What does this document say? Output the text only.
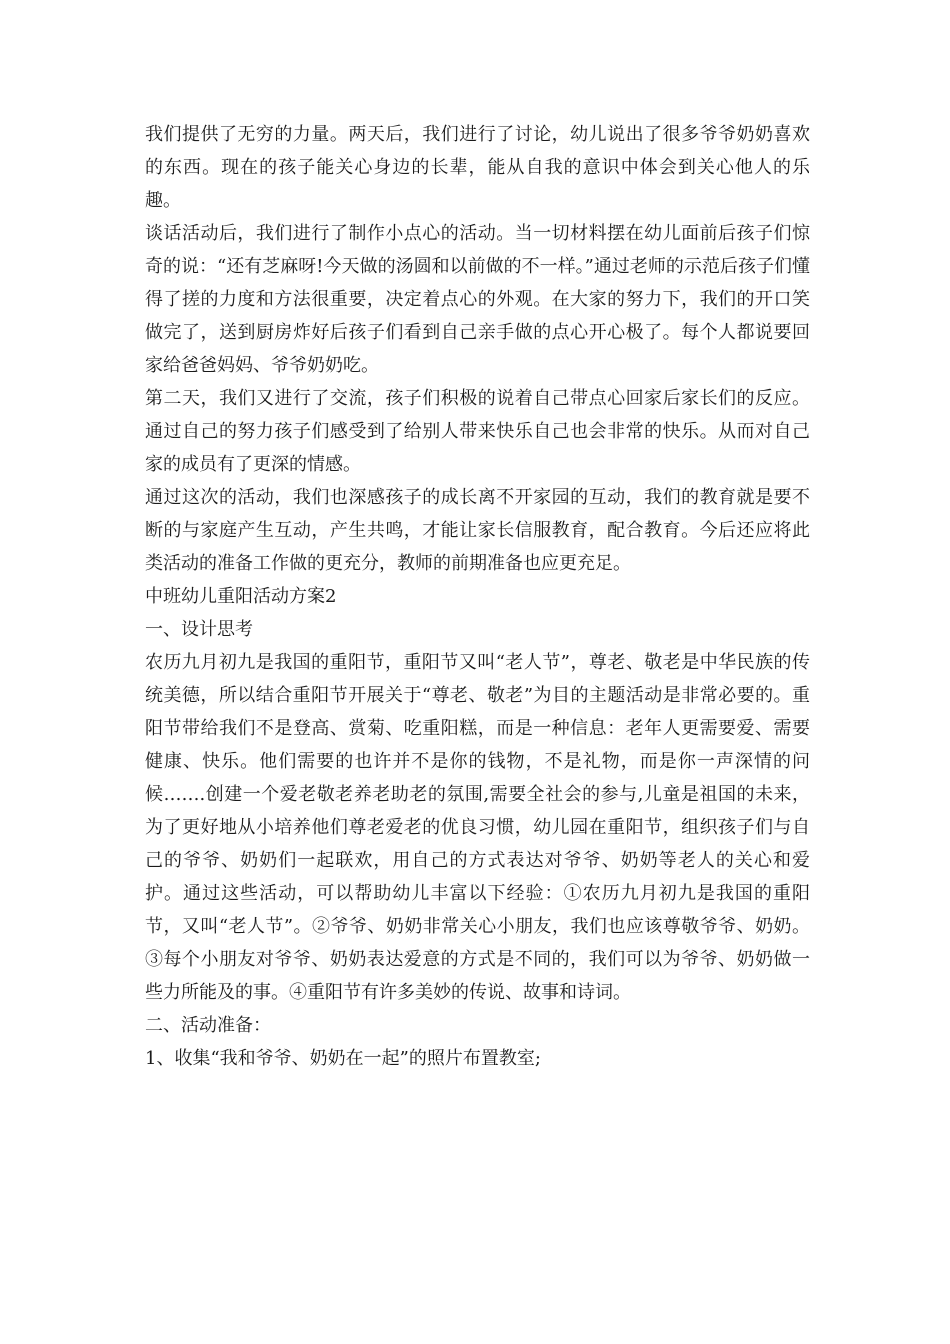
我们提供了无穷的力量。两天后，我们进行了讨论，幼儿说出了很多爷爷奶奶喜欢的东西。现在的孩子能关心身边的长辈，能从自我的意识中体会到关心他人的乐趣。

谈话活动后，我们进行了制作小点心的活动。当一切材料摆在幼儿面前后孩子们惊奇的说：“还有芝麻呀!今天做的汤圆和以前做的不一样。”通过老师的示范后孩子们懂得了搓的力度和方法很重要，决定着点心的外观。在大家的努力下，我们的开口笑做完了，送到厨房炸好后孩子们看到自己亲手做的点心开心极了。每个人都说要回家给爸爸妈妈、爷爷奶奶吃。

第二天，我们又进行了交流，孩子们积极的说着自己带点心回家后家长们的反应。通过自己的努力孩子们感受到了给别人带来快乐自己也会非常的快乐。从而对自己家的成员有了更深的情感。

通过这次的活动，我们也深感孩子的成长离不开家园的互动，我们的教育就是要不断的与家庭产生互动，产生共鸣，才能让家长信服教育，配合教育。今后还应将此类活动的准备工作做的更充分，教师的前期准备也应更充足。

中班幼儿重阳活动方案2

一、设计思考

农历九月初九是我国的重阳节，重阳节又叫“老人节”，尊老、敬老是中华民族的传统美德，所以结合重阳节开展关于“尊老、敬老”为目的主题活动是非常必要的。重阳节带给我们不是登高、赏菊、吃重阳糕，而是一种信息：老年人更需要爱、需要健康、快乐。他们需要的也许并不是你的钱物，不是礼物，而是你一声深情的问候…….创建一个爱老敬老养老助老的氛围,需要全社会的参与,儿童是祖国的未来，为了更好地从小培养他们尊老爱老的优良习惯，幼儿园在重阳节，组织孩子们与自己的爷爷、奶奶们一起联欢，用自己的方式表达对爷爷、奶奶等老人的关心和爱护。通过这些活动，可以帮助幼儿丰富以下经验：①农历九月初九是我国的重阳节，又叫“老人节”。②爷爷、奶奶非常关心小朋友，我们也应该尊敬爷爷、奶奶。③每个小朋友对爷爷、奶奶表达爱意的方式是不同的，我们可以为爷爷、奶奶做一些力所能及的事。④重阳节有许多美妙的传说、故事和诗词。

二、活动准备：

1、收集“我和爷爷、奶奶在一起”的照片布置教室;
